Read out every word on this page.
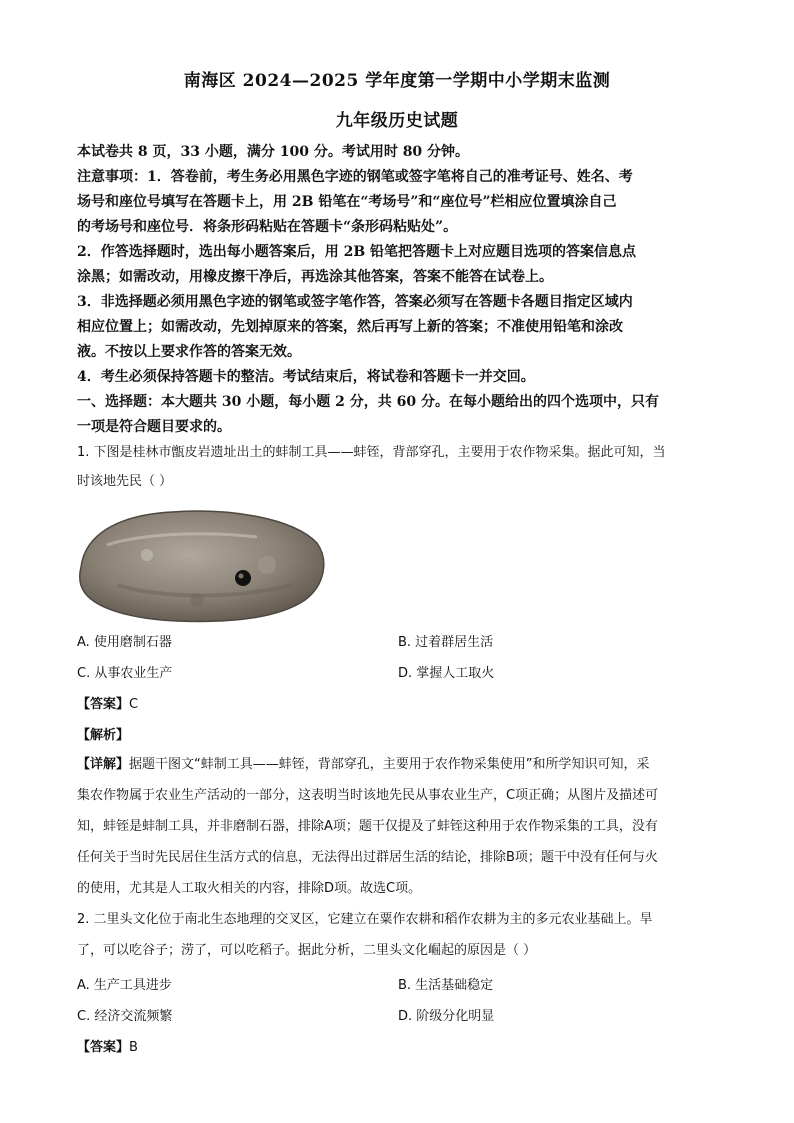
南海区 2024—2025 学年度第一学期中小学期末监测
九年级历史试题
本试卷共 8 页，33 小题，满分 100 分。考试用时 80 分钟。
注意事项：1．答卷前，考生务必用黑色字迹的钢笔或签字笔将自己的准考证号、姓名、考
场号和座位号填写在答题卡上，用 2B 铅笔在“考场号”和“座位号”栏相应位置填涂自己
的考场号和座位号．将条形码粘贴在答题卡“条形码粘贴处”。
2．作答选择题时，选出每小题答案后，用 2B 铅笔把答题卡上对应题目选项的答案信息点
涂黑；如需改动，用橡皮擦干净后，再选涂其他答案，答案不能答在试卷上。
3．非选择题必须用黑色字迹的钢笔或签字笔作答，答案必须写在答题卡各题目指定区域内
相应位置上；如需改动，先划掉原来的答案，然后再写上新的答案；不准使用铅笔和涂改
液。不按以上要求作答的答案无效。
4．考生必须保持答题卡的整洁。考试结束后，将试卷和答题卡一并交回。
一、选择题：本大题共 30 小题，每小题 2 分，共 60 分。在每小题给出的四个选项中，只有
一项是符合题目要求的。
1. 下图是桂林市甑皮岩遗址出土的蚌制工具——蚌铚，背部穿孔，主要用于农作物采集。据此可知，当
时该地先民（ ）
A. 使用磨制石器	B. 过着群居生活
C. 从事农业生产	D. 掌握人工取火
【答案】C
【解析】
【详解】据题干图文“蚌制工具——蚌铚，背部穿孔，主要用于农作物采集使用”和所学知识可知，采
集农作物属于农业生产活动的一部分，这表明当时该地先民从事农业生产，C项正确；从图片及描述可
知，蚌铚是蚌制工具，并非磨制石器，排除A项；题干仅提及了蚌铚这种用于农作物采集的工具，没有
任何关于当时先民居住生活方式的信息，无法得出过群居生活的结论，排除B项；题干中没有任何与火
的使用，尤其是人工取火相关的内容，排除D项。故选C项。
2. 二里头文化位于南北生态地理的交叉区，它建立在粟作农耕和稻作农耕为主的多元农业基础上。旱
了，可以吃谷子；涝了，可以吃稻子。据此分析，二里头文化崛起的原因是（ ）
A. 生产工具进步	B. 生活基础稳定
C. 经济交流频繁	D. 阶级分化明显
【答案】B
